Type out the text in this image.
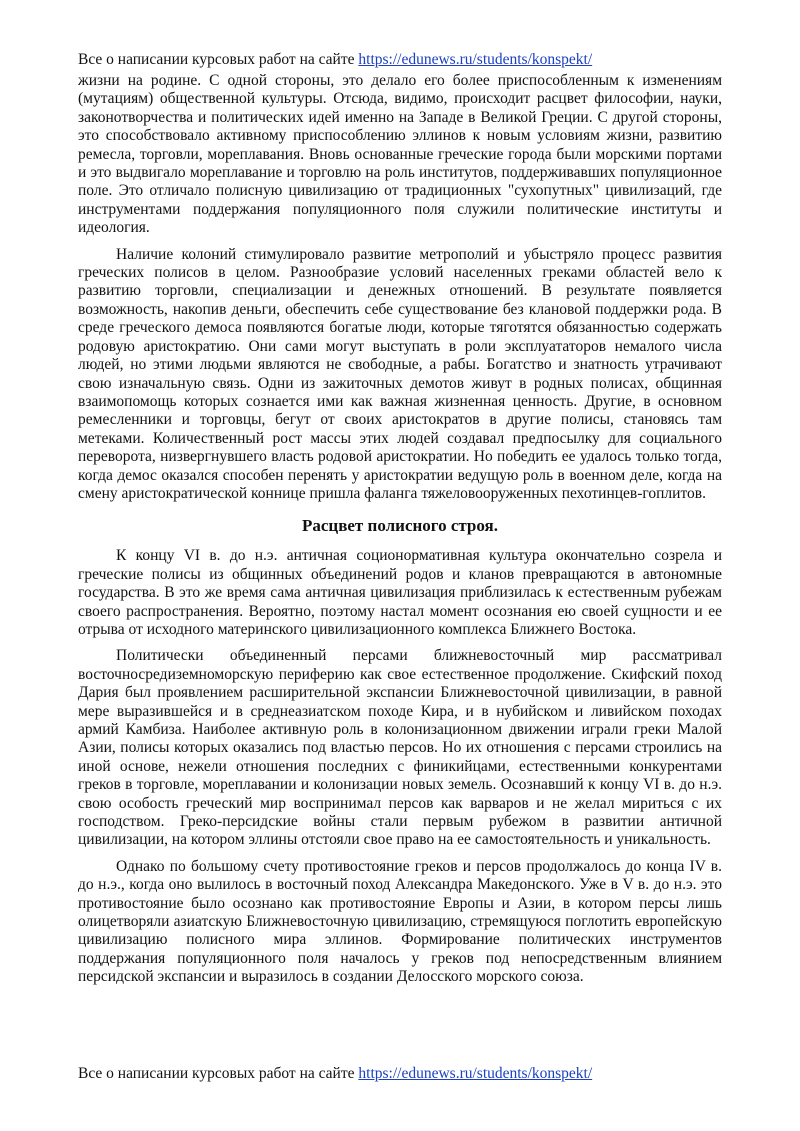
Все о написании курсовых работ на сайте https://edunews.ru/students/konspekt/

жизни на родине. С одной стороны, это делало его более приспособленным к изменениям (мутациям) общественной культуры. Отсюда, видимо, происходит расцвет философии, науки, законотворчества и политических идей именно на Западе в Великой Греции. С другой стороны, это способствовало активному приспособлению эллинов к новым условиям жизни, развитию ремесла, торговли, мореплавания. Вновь основанные греческие города были морскими портами и это выдвигало мореплавание и торговлю на роль институтов, поддерживавших популяционное поле. Это отличало полисную цивилизацию от традиционных "сухопутных" цивилизаций, где инструментами поддержания популяционного поля служили политические институты и идеология.

Наличие колоний стимулировало развитие метрополий и убыстряло процесс развития греческих полисов в целом. Разнообразие условий населенных греками областей вело к развитию торговли, специализации и денежных отношений. В результате появляется возможность, накопив деньги, обеспечить себе существование без клановой поддержки рода. В среде греческого демоса появляются богатые люди, которые тяготятся обязанностью содержать родовую аристократию. Они сами могут выступать в роли эксплуататоров немалого числа людей, но этими людьми являются не свободные, а рабы. Богатство и знатность утрачивают свою изначальную связь. Одни из зажиточных демотов живут в родных полисах, общинная взаимопомощь которых сознается ими как важная жизненная ценность. Другие, в основном ремесленники и торговцы, бегут от своих аристократов в другие полисы, становясь там метеками. Количественный рост массы этих людей создавал предпосылку для социального переворота, низвергнувшего власть родовой аристократии. Но победить ее удалось только тогда, когда демос оказался способен перенять у аристократии ведущую роль в военном деле, когда на смену аристократической коннице пришла фаланга тяжеловооруженных пехотинцев-гоплитов.

Расцвет полисного строя.

К концу VI в. до н.э. античная соционормативная культура окончательно созрела и греческие полисы из общинных объединений родов и кланов превращаются в автономные государства. В это же время сама античная цивилизация приблизилась к естественным рубежам своего распространения. Вероятно, поэтому настал момент осознания ею своей сущности и ее отрыва от исходного материнского цивилизационного комплекса Ближнего Востока.

Политически объединенный персами ближневосточный мир рассматривал восточносредиземноморскую периферию как свое естественное продолжение. Скифский поход Дария был проявлением расширительной экспансии Ближневосточной цивилизации, в равной мере выразившейся и в среднеазиатском походе Кира, и в нубийском и ливийском походах армий Камбиза. Наиболее активную роль в колонизационном движении играли греки Малой Азии, полисы которых оказались под властью персов. Но их отношения с персами строились на иной основе, нежели отношения последних с финикийцами, естественными конкурентами греков в торговле, мореплавании и колонизации новых земель. Осознавший к концу VI в. до н.э. свою особость греческий мир воспринимал персов как варваров и не желал мириться с их господством. Греко-персидские войны стали первым рубежом в развитии античной цивилизации, на котором эллины отстояли свое право на ее самостоятельность и уникальность.

Однако по большому счету противостояние греков и персов продолжалось до конца IV в. до н.э., когда оно вылилось в восточный поход Александра Македонского. Уже в V в. до н.э. это противостояние было осознано как противостояние Европы и Азии, в котором персы лишь олицетворяли азиатскую Ближневосточную цивилизацию, стремящуюся поглотить европейскую цивилизацию полисного мира эллинов. Формирование политических инструментов поддержания популяционного поля началось у греков под непосредственным влиянием персидской экспансии и выразилось в создании Делосского морского союза.

Все о написании курсовых работ на сайте https://edunews.ru/students/konspekt/
